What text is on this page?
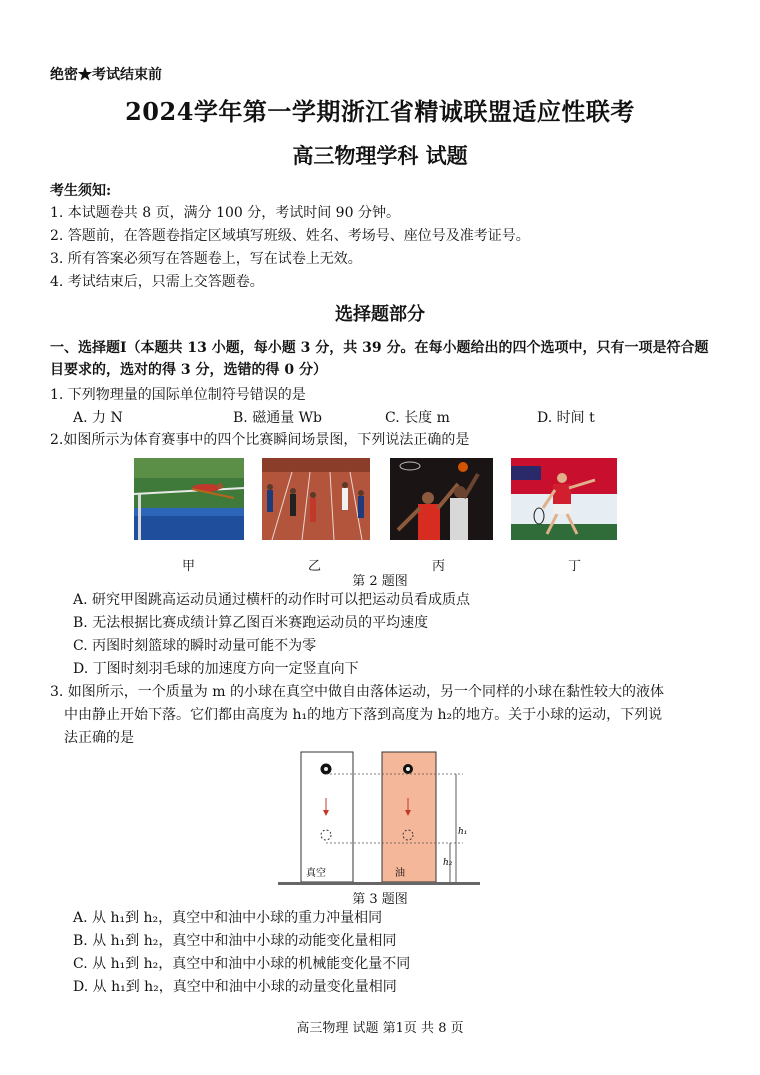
绝密★考试结束前
2024学年第一学期浙江省精诚联盟适应性联考
高三物理学科 试题
考生须知:
1. 本试题卷共 8 页，满分 100 分，考试时间 90 分钟。
2. 答题前，在答题卷指定区域填写班级、姓名、考场号、座位号及准考证号。
3. 所有答案必须写在答题卷上，写在试卷上无效。
4. 考试结束后，只需上交答题卷。
选择题部分
一、选择题Ⅰ（本题共 13 小题，每小题 3 分，共 39 分。在每小题给出的四个选项中，只有一项是符合题目要求的，选对的得 3 分，选错的得 0 分）
1. 下列物理量的国际单位制符号错误的是
A. 力 N	B. 磁通量 Wb	C. 长度 m	D. 时间 t
2.如图所示为体育赛事中的四个比赛瞬间场景图，下列说法正确的是
甲	乙	丙	丁
第 2 题图
A. 研究甲图跳高运动员通过横杆的动作时可以把运动员看成质点
B. 无法根据比赛成绩计算乙图百米赛跑运动员的平均速度
C. 丙图时刻篮球的瞬时动量可能不为零
D. 丁图时刻羽毛球的加速度方向一定竖直向下
3. 如图所示，一个质量为 m 的小球在真空中做自由落体运动，另一个同样的小球在黏性较大的液体
中由静止开始下落。它们都由高度为 h₁的地方下落到高度为 h₂的地方。关于小球的运动，下列说
法正确的是
h₁
h₂
真空	油
第 3 题图
A. 从 h₁到 h₂，真空中和油中小球的重力冲量相同
B. 从 h₁到 h₂，真空中和油中小球的动能变化量相同
C. 从 h₁到 h₂，真空中和油中小球的机械能变化量不同
D. 从 h₁到 h₂，真空中和油中小球的动量变化量相同
高三物理 试题 第1页 共 8 页
